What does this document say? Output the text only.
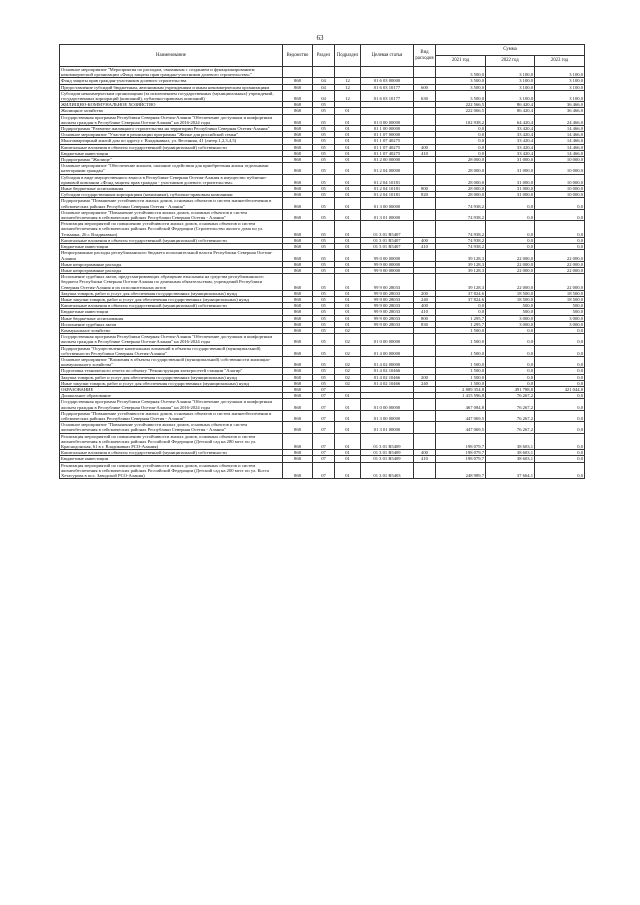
63
Наименование	Ведомство	Раздел	Подраздел	Целевая статья	Вид расходов	Сумма		
						2021 год	2022 год	2023 год
Основное мероприятие "Мероприятия по расходам, связанным с созданием и функционированием некоммерческой организации «Фонд защиты прав граждан-участников долевого строительства»"						3 500,0	3 100,0	3 100,0
Фонд защиты прав граждан-участников долевого строительства	868	04	12	01 6 03 00000		3 500,0	3 100,0	3 100,0
Предоставление субсидий бюджетным, автономным учреждениям и иным некоммерческим организациям	868	04	12	01 6 03 10177	600	3 500,0	3 100,0	3 100,0
Субсидии некоммерческим организациям (за исключением государственных (муниципальных) учреждений, государственных корпораций (компаний), публично-правовых компаний)	868	04	12	01 6 03 10177	630	3 500,0	3 100,0	3 100,0
ЖИЛИЩНО-КОММУНАЛЬНОЕ ХОЗЯЙСТВО	868	05				222 566,5	86 420,4	36 466,0
Жилищное хозяйство	868	05	01			222 066,5	86 420,4	36 466,0
Государственная программа Республики Северная Осетия-Алания "Обеспечение доступным и комфортным жильем граждан в Республике Северная Осетия-Алания" на 2016-2024 годы	868	05	01	01 0 00 00000		102 938,2	64 420,4	24 466,0
Подпрограмма "Развитие жилищного строительства на территории Республики Северная Осетия-Алания"	868	05	01	01 1 00 00000		0,0	33 420,4	14 466,0
Основное мероприятие "Участие в реализации программы "Жилье для российской семьи"	868	05	01	01 1 07 00000		0,0	33 420,4	14 466,0
Многоквартирный жилой дом по адресу г. Владикавказ, ул. Весенняя, 41 (литер 1,2,3,4,5)	868	05	01	01 1 07 40275		0,0	33 420,4	14 466,0
Капитальные вложения в объекты государственной (муниципальной) собственности	868	05	01	01 1 07 40275	400	0,0	33 420,4	14 466,0
Бюджетные инвестиции	868	05	01	01 1 07 40275	410	0,0	33 420,4	14 466,0
Подпрограмма "Жилище"	868	05	01	01 2 00 00000		28 000,0	31 000,0	10 000,0
Основное мероприятие "Обеспечение жильем, оказание содействия для приобретения жилья отдельными категориями граждан"	868	05	01	01 2 04 00000		28 000,0	31 000,0	10 000,0
Субсидия в виде имущественного взноса в Республике Северная Осетия-Алания в имущество публично-правовой компании «Фонд защиты прав граждан - участников долевого строительства»	868	05	01	01 2 04 10181		28 000,0	31 000,0	10 000,0
Иные бюджетные ассигнования	868	05	01	01 2 04 10181	800	28 000,0	31 000,0	10 000,0
Субсидии государственным корпорациям (компаниям), публично-правовым компаниям	868	05	01	01 2 04 10181	820	28 000,0	31 000,0	10 000,0
Подпрограмма "Повышение устойчивости жилых домов, основных объектов и систем жизнеобеспечения в сейсмических районах Республики Северная Осетия - Алания"	868	05	01	01 3 00 00000		74 938,2	0,0	0,0
Основное мероприятие "Повышение устойчивости жилых домов, основных объектов и систем жизнеобеспечения в сейсмических районах Республики Северная Осетия - Алания"	868	05	01	01 3 01 00000		74 938,2	0,0	0,0
Реализация мероприятий по повышению устойчивости жилых домов, основных объектов и систем жизнеобеспечения в сейсмических районах Российской Федерации (Строительство жилого дома по ул. Тельмана, 26 г. Владикавказ)	868	05	01	01 3 01 R5407		74 938,2	0,0	0,0
Капитальные вложения в объекты государственной (муниципальной) собственности	868	05	01	01 3 01 R5407	400	74 938,2	0,0	0,0
Бюджетные инвестиции	868	05	01	01 3 01 R5407	410	74 938,2	0,0	0,0
Непрограммные расходы республиканского бюджета исполнительной власти Республики Северная Осетия-Алания	868	05	01	99 0 00 00000		39 128,3	22 000,0	22 000,0
Иные непрограммные расходы	868	05	01	99 9 00 00000		39 128,3	22 000,0	22 000,0
Иные непрограммные расходы	868	05	01	99 9 00 00000		39 128,3	22 000,0	22 000,0
Исполнение судебных актов, предусматривающих обращение взыскания на средства республиканского бюджета Республики Северная Осетия-Алания по денежным обязательствам, учреждений Республики Северная Осетия-Алания и их исполнительных актов	868	05	01	99 9 00 28033		39 128,3	22 000,0	22 000,0
Закупка товаров, работ и услуг для обеспечения государственных (муниципальных) нужд	868	05	01	99 9 00 28033	200	37 824,6	18 500,0	18 500,0
Иные закупки товаров, работ и услуг для обеспечения государственных (муниципальных) нужд	868	05	01	99 9 00 28033	240	37 824,6	18 500,0	18 500,0
Капитальные вложения в объекты государственной (муниципальной) собственности	868	05	01	99 9 00 28033	400	0,0	500,0	500,0
Бюджетные инвестиции	868	05	01	99 9 00 28033	410	0,0	500,0	500,0
Иные бюджетные ассигнования	868	05	01	99 9 00 28033	800	1 295,7	3 000,0	3 000,0
Исполнение судебных актов	868	05	01	99 9 00 28033	830	1 295,7	3 000,0	3 000,0
Коммунальное хозяйство	868	05	02			1 500,0	0,0	0,0
Государственная программа Республики Северная Осетия-Алания "Обеспечение доступным и комфортным жильем граждан в Республике Северная Осетия-Алания" на 2016-2024 годы	868	05	02	01 0 00 00000		1 500,0	0,0	0,0
Подпрограмма "Осуществление капитальных вложений в объекты государственной (муниципальной) собственности Республики Северная Осетия-Алания"	868	05	02	01 4 00 00000		1 500,0	0,0	0,0
Основное мероприятие "Вложения в объекты государственной (муниципальной) собственности жилищно-коммунального хозяйства"	868	05	02	01 4 02 00000		1 500,0	0,0	0,0
Подготовка технического отчета по объекту "Реконструкция электросетей станции "Алагир"	868	05	02	01 4 02 10466		1 500,0	0,0	0,0
Закупка товаров, работ и услуг для обеспечения государственных (муниципальных) нужд	868	05	02	01 4 02 10466	200	1 500,0	0,0	0,0
Иные закупки товаров, работ и услуг для обеспечения государственных (муниципальных) нужд	868	05	02	01 4 02 10466	240	1 500,0	0,0	0,0
ОБРАЗОВАНИЕ	868	07				2 889 354,8	491 788,8	421 044,8
Дошкольное образование	868	07	01			1 415 596,8	76 267,2	0,0
Государственная программа Республики Северная Осетия-Алания "Обеспечение доступным и комфортным жильем граждан в Республике Северная Осетия-Алания" на 2016-2024 годы	868	07	01	01 0 00 00000		467 084,8	76 267,2	0,0
Подпрограмма "Повышение устойчивости жилых домов, основных объектов и систем жизнеобеспечения в сейсмических районах Республики Северная Осетия - Алания"	868	07	01	01 3 00 00000		447 069,5	76 267,2	0,0
Основное мероприятие "Повышение устойчивости жилых домов, основных объектов и систем жизнеобеспечения в сейсмических районах Республики Северная Осетия - Алания"	868	07	01	01 3 01 00000		447 069,5	76 267,2	0,0
Реализация мероприятий по повышению устойчивости жилых домов, основных объектов и систем жизнеобеспечения в сейсмических районах Российской Федерации (Детский сад на 280 мест по ул. Краснодонская, 61 в г. Владикавказ РСО-Алания)	868	07	01	01 3 01 R5409		198 079,7	38 603,1	0,0
Капитальные вложения в объекты государственной (муниципальной) собственности	868	07	01	01 3 01 R5409	400	198 079,7	38 603,1	0,0
Бюджетные инвестиции	868	07	01	01 3 01 R5409	410	198 079,7	38 603,1	0,0
Реализация мероприятий по повышению устойчивости жилых домов, основных объектов и систем жизнеобеспечения в сейсмических районах Российской Федерации (Детский сад на 200 мест по ул. Коста Хетагурова в пос. Заводской РСО-Алания)	868	07	01	01 3 01 R5403		248 989,7	37 664,1	0,0
